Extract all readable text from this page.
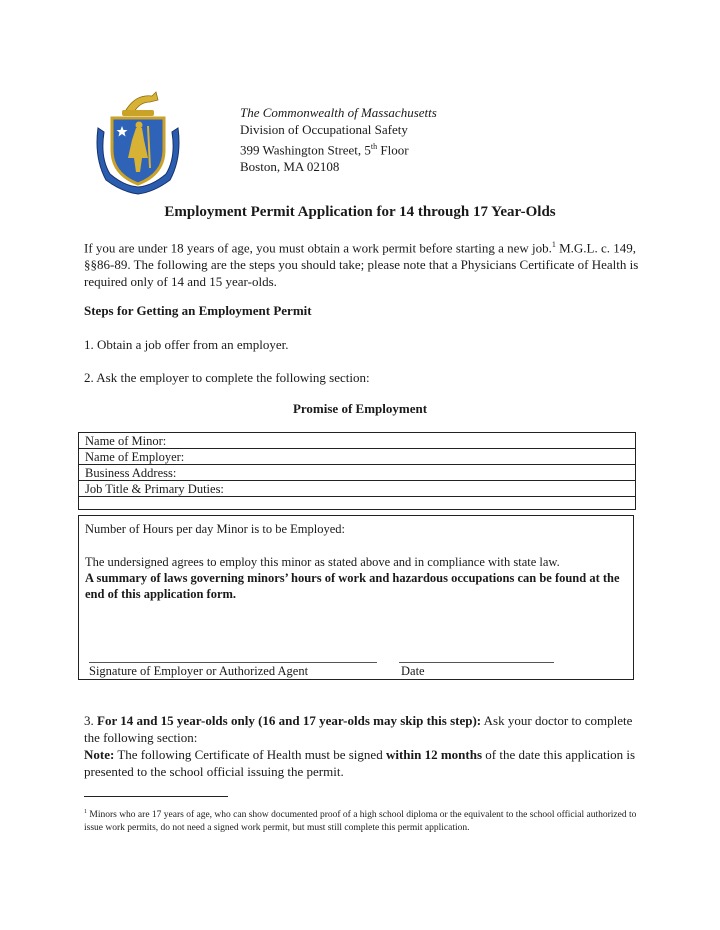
The Commonwealth of Massachusetts
Division of Occupational Safety
399 Washington Street, 5th Floor
Boston, MA 02108
Employment Permit Application for 14 through 17 Year-Olds
If you are under 18 years of age, you must obtain a work permit before starting a new job.$^1$ M.G.L. c. 149, §§86-89. The following are the steps you should take; please note that a Physicians Certificate of Health is required only of 14 and 15 year-olds.
Steps for Getting an Employment Permit
1. Obtain a job offer from an employer.
2. Ask the employer to complete the following section:
Promise of Employment
Name of Minor:
Name of Employer:
Business Address:
Job Title & Primary Duties:
Number of Hours per day Minor is to be Employed:
The undersigned agrees to employ this minor as stated above and in compliance with state law.
A summary of laws governing minors’ hours of work and hazardous occupations can be found at the end of this application form.
Signature of Employer or Authorized Agent	Date
3. For 14 and 15 year-olds only (16 and 17 year-olds may skip this step): Ask your doctor to complete the following section:
Note: The following Certificate of Health must be signed within 12 months of the date this application is presented to the school official issuing the permit.
$^1$ Minors who are 17 years of age, who can show documented proof of a high school diploma or the equivalent to the school official authorized to issue work permits, do not need a signed work permit, but must still complete this permit application.
